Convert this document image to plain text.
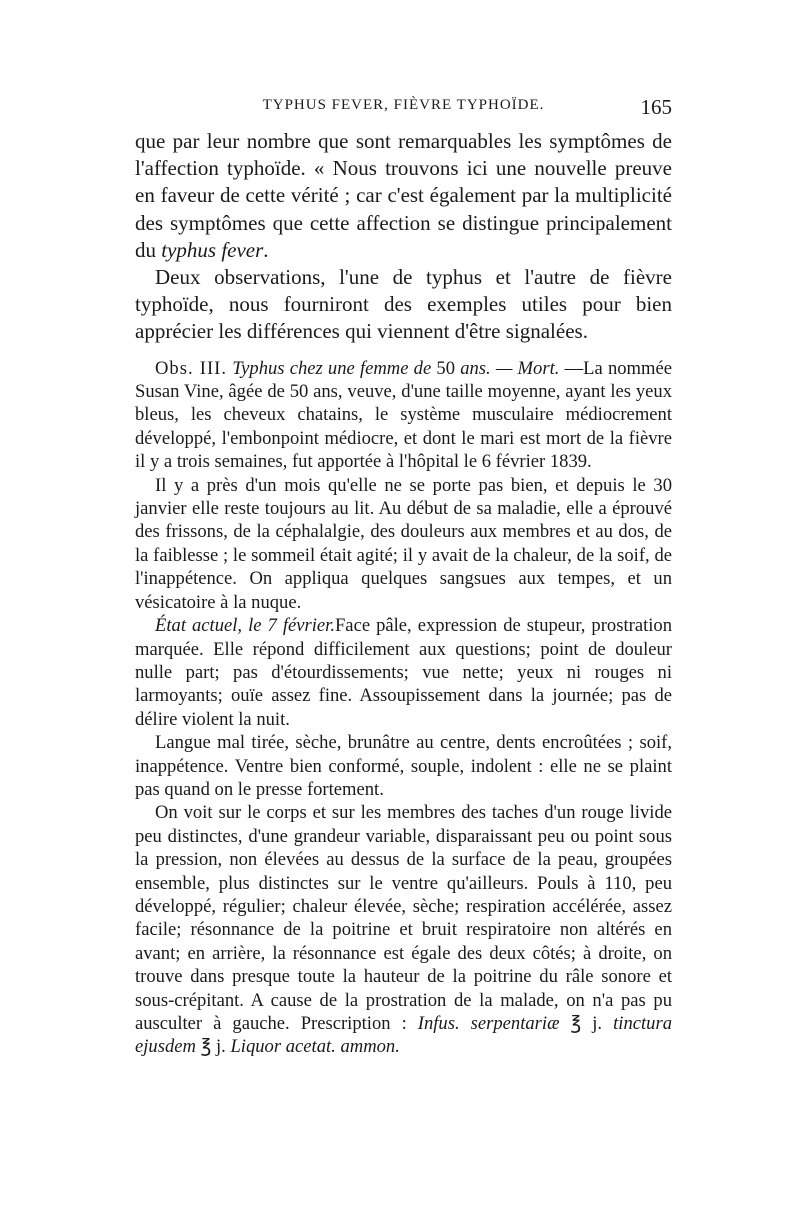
TYPHUS FEVER, FIÈVRE TYPHOÏDE.	165

que par leur nombre que sont remarquables les symptômes de l'affection typhoïde. « Nous trouvons ici une nouvelle preuve en faveur de cette vérité ; car c'est également par la multiplicité des symptômes que cette affection se distingue principalement du typhus fever.

Deux observations, l'une de typhus et l'autre de fièvre typhoïde, nous fourniront des exemples utiles pour bien apprécier les différences qui viennent d'être signalées.

Obs. III. Typhus chez une femme de 50 ans. — Mort. —La nommée Susan Vine, âgée de 50 ans, veuve, d'une taille moyenne, ayant les yeux bleus, les cheveux chatains, le système musculaire médiocrement développé, l'embonpoint médiocre, et dont le mari est mort de la fièvre il y a trois semaines, fut apportée à l'hôpital le 6 février 1839.

Il y a près d'un mois qu'elle ne se porte pas bien, et depuis le 30 janvier elle reste toujours au lit. Au début de sa maladie, elle a éprouvé des frissons, de la céphalalgie, des douleurs aux membres et au dos, de la faiblesse ; le sommeil était agité; il y avait de la chaleur, de la soif, de l'inappétence. On appliqua quelques sangsues aux tempes, et un vésicatoire à la nuque.

État actuel, le 7 février.Face pâle, expression de stupeur, prostration marquée. Elle répond difficilement aux questions; point de douleur nulle part; pas d'étourdissements; vue nette; yeux ni rouges ni larmoyants; ouïe assez fine. Assoupissement dans la journée; pas de délire violent la nuit.

Langue mal tirée, sèche, brunâtre au centre, dents encroûtées ; soif, inappétence. Ventre bien conformé, souple, indolent : elle ne se plaint pas quand on le presse fortement.

On voit sur le corps et sur les membres des taches d'un rouge livide peu distinctes, d'une grandeur variable, disparaissant peu ou point sous la pression, non élevées au dessus de la surface de la peau, groupées ensemble, plus distinctes sur le ventre qu'ailleurs. Pouls à 110, peu développé, régulier; chaleur élevée, sèche; respiration accélérée, assez facile; résonnance de la poitrine et bruit respiratoire non altérés en avant; en arrière, la résonnance est égale des deux côtés; à droite, on trouve dans presque toute la hauteur de la poitrine du râle sonore et sous-crépitant. A cause de la prostration de la malade, on n'a pas pu ausculter à gauche. Prescription : Infus. serpentariæ ℥ j. tinctura ejusdem ℥ j. Liquor acetat. ammon.
